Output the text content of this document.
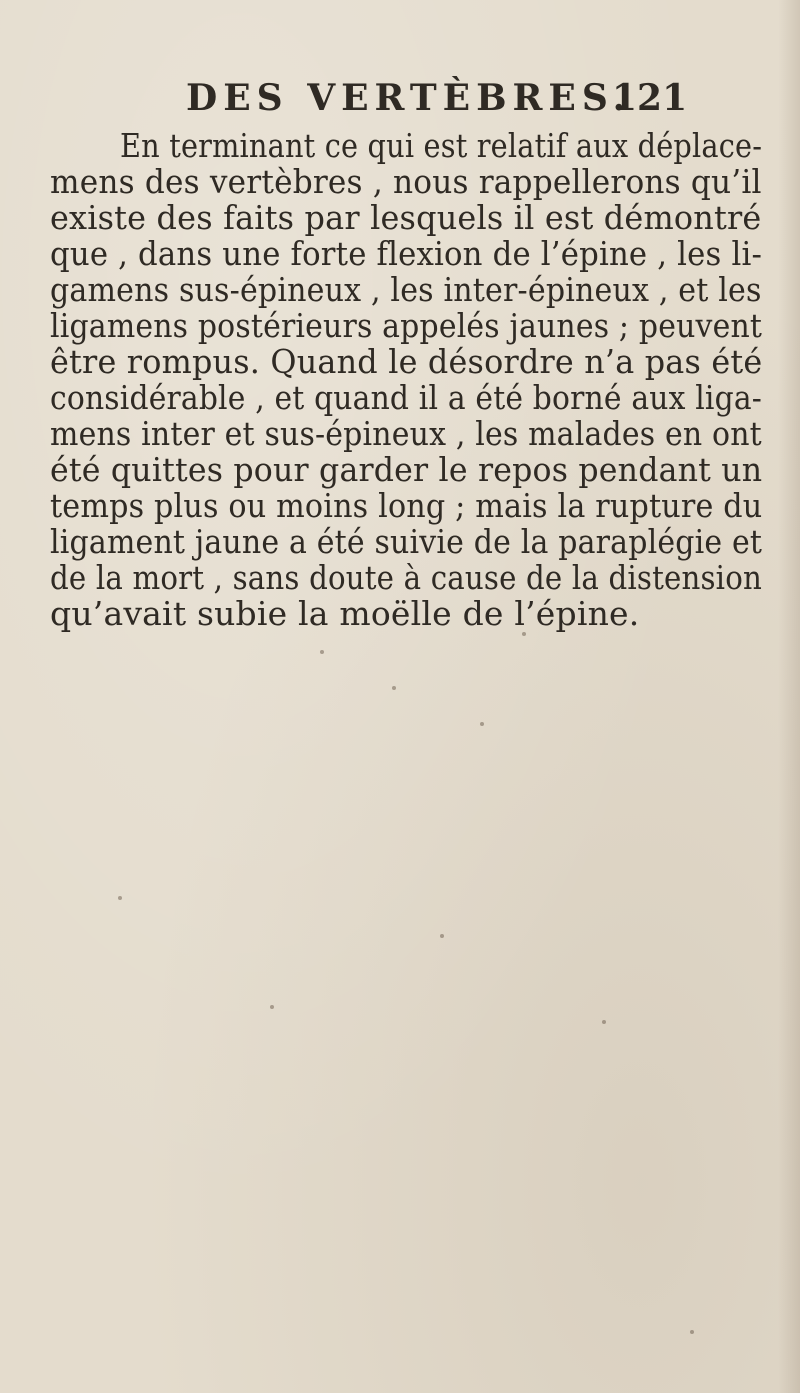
DES VERTÈBRES.
121
En terminant ce qui est relatif aux déplace-
mens des vertèbres , nous rappellerons qu’il
existe des faits par lesquels il est démontré
que , dans une forte flexion de l’épine , les li-
gamens sus-épineux , les inter-épineux , et les
ligamens postérieurs appelés jaunes ; peuvent
être rompus. Quand le désordre n’a pas été
considérable , et quand il a été borné aux liga-
mens inter et sus-épineux , les malades en ont
été quittes pour garder le repos pendant un
temps plus ou moins long ; mais la rupture du
ligament jaune a été suivie de la paraplégie et
de la mort , sans doute à cause de la distension
qu’avait subie la moëlle de l’épine.
